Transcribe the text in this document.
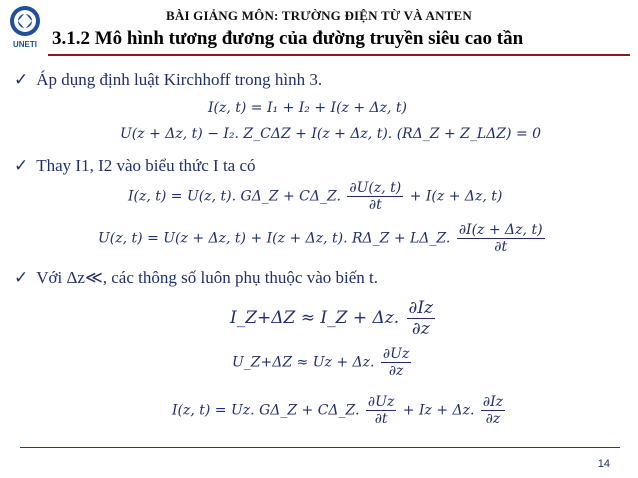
UNETI
BÀI GIẢNG MÔN: TRƯỜNG ĐIỆN TỪ VÀ ANTEN
3.1.2 Mô hình tương đương của đường truyền siêu cao tần
✓ Áp dụng định luật Kirchhoff trong hình 3.
I(z, t) = I₁ + I₂ + I(z + Δz, t)
U(z + Δz, t) − I₂. Z_CΔZ + I(z + Δz, t). (RΔ_Z + Z_LΔZ) = 0
✓ Thay I1, I2 vào biểu thức I ta có
I(z, t) = U(z, t). GΔ_Z + CΔ_Z. $\frac{\partial U(z, t)}{\partial t} + I(z + \Delta z$, t)
U(z, t) = U(z + Δz, t) + I(z + Δz, t). RΔ_Z + LΔ_Z. $\frac{\partial I(z + \Delta z, t)}{\partial t}$
✓ Với Δz≪, các thông số luôn phụ thuộc vào biến t.
I_Z+ΔZ ≈ I_Z + Δz. $\frac{\partial Iz}{\partial z}$
U_Z+ΔZ ≈ Uz + Δz. $\frac{\partial Uz}{\partial z}$
I(z, t) = Uz. GΔ_Z + CΔ_Z. $\frac{\partial Uz}{\partial t} + Iz + \Delta z$. $\frac{\partial Iz}{\partial z}$
14
